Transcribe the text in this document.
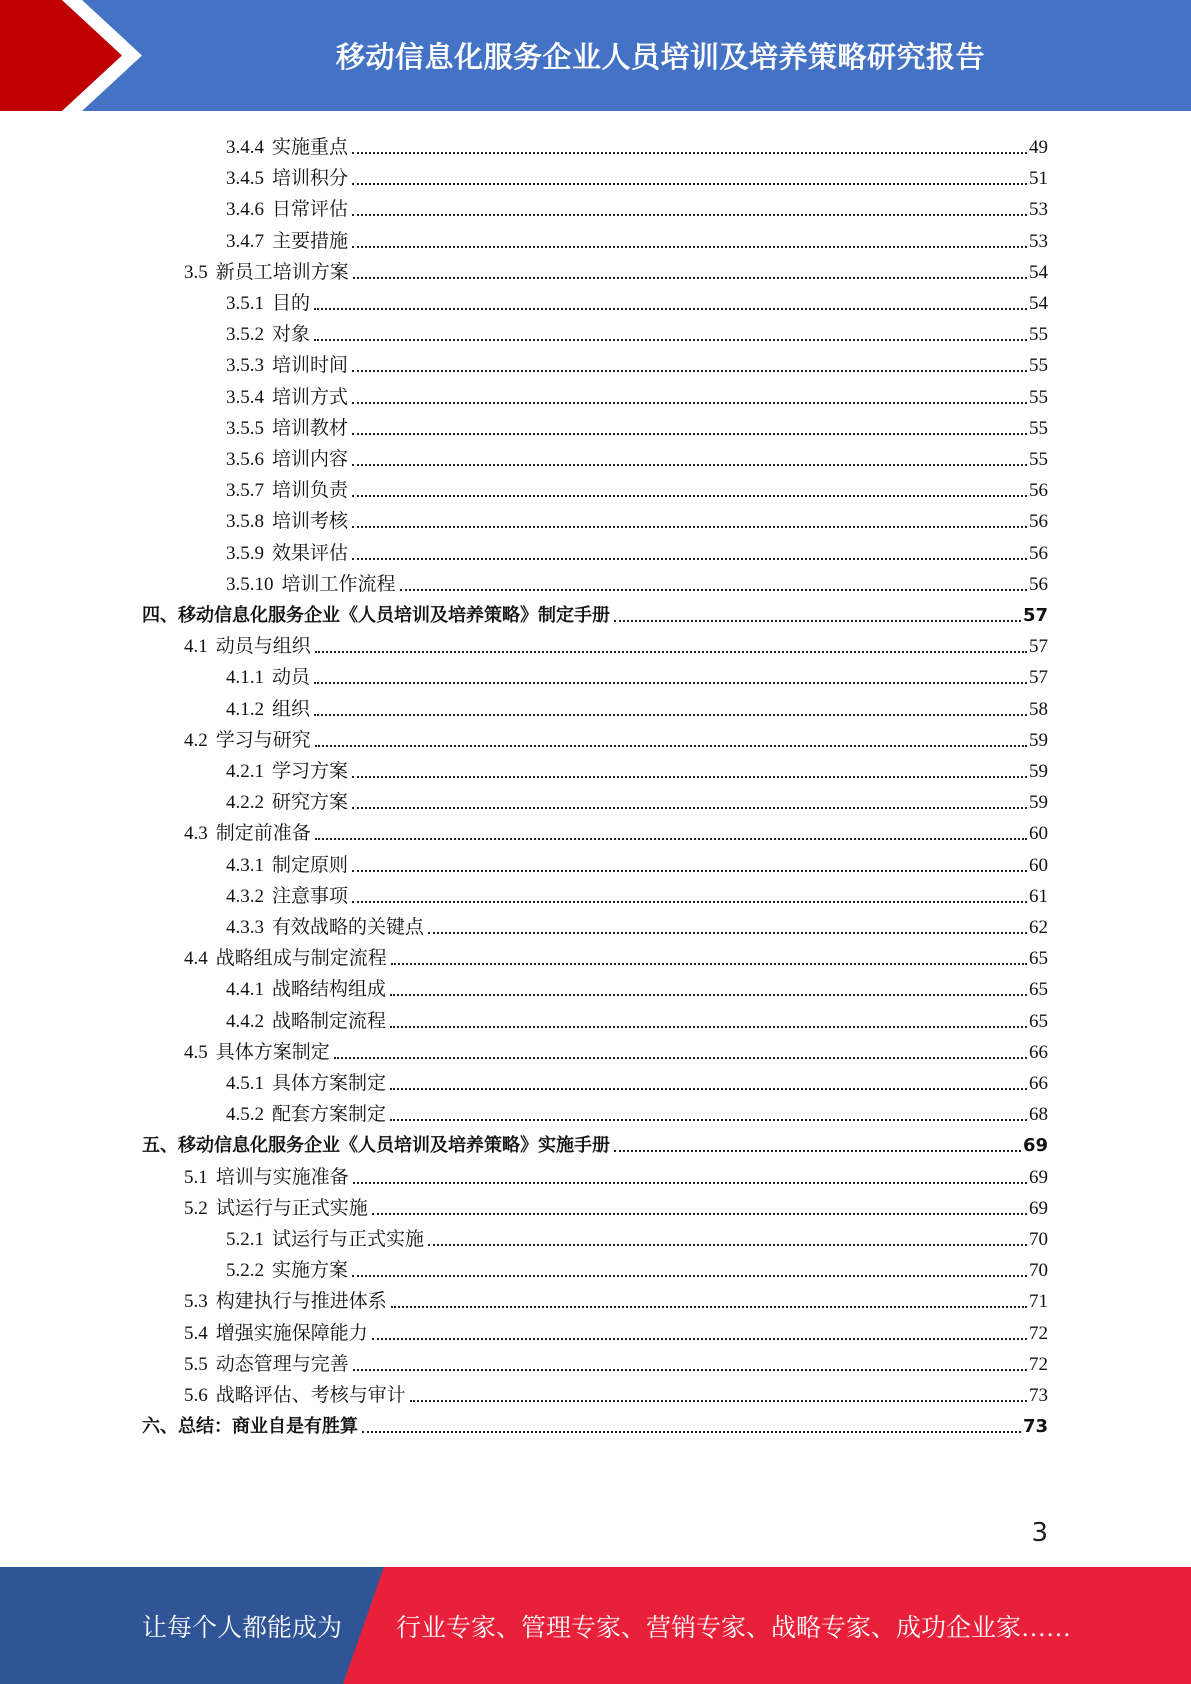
移动信息化服务企业人员培训及培养策略研究报告
3.4.4 实施重点	49
3.4.5 培训积分	51
3.4.6 日常评估	53
3.4.7 主要措施	53
3.5 新员工培训方案	54
3.5.1 目的	54
3.5.2 对象	55
3.5.3 培训时间	55
3.5.4 培训方式	55
3.5.5 培训教材	55
3.5.6 培训内容	55
3.5.7 培训负责	56
3.5.8 培训考核	56
3.5.9 效果评估	56
3.5.10 培训工作流程	56
四、 移动信息化服务企业《人员培训及培养策略》制定手册	57
4.1 动员与组织	57
4.1.1 动员	57
4.1.2 组织	58
4.2 学习与研究	59
4.2.1 学习方案	59
4.2.2 研究方案	59
4.3 制定前准备	60
4.3.1 制定原则	60
4.3.2 注意事项	61
4.3.3 有效战略的关键点	62
4.4 战略组成与制定流程	65
4.4.1 战略结构组成	65
4.4.2 战略制定流程	65
4.5 具体方案制定	66
4.5.1 具体方案制定	66
4.5.2 配套方案制定	68
五、 移动信息化服务企业《人员培训及培养策略》实施手册	69
5.1 培训与实施准备	69
5.2 试运行与正式实施	69
5.2.1 试运行与正式实施	70
5.2.2 实施方案	70
5.3 构建执行与推进体系	71
5.4 增强实施保障能力	72
5.5 动态管理与完善	72
5.6 战略评估、考核与审计	73
六、 总结：商业自是有胜算	73
3
让每个人都能成为 行业专家、管理专家、营销专家、战略专家、成功企业家……
